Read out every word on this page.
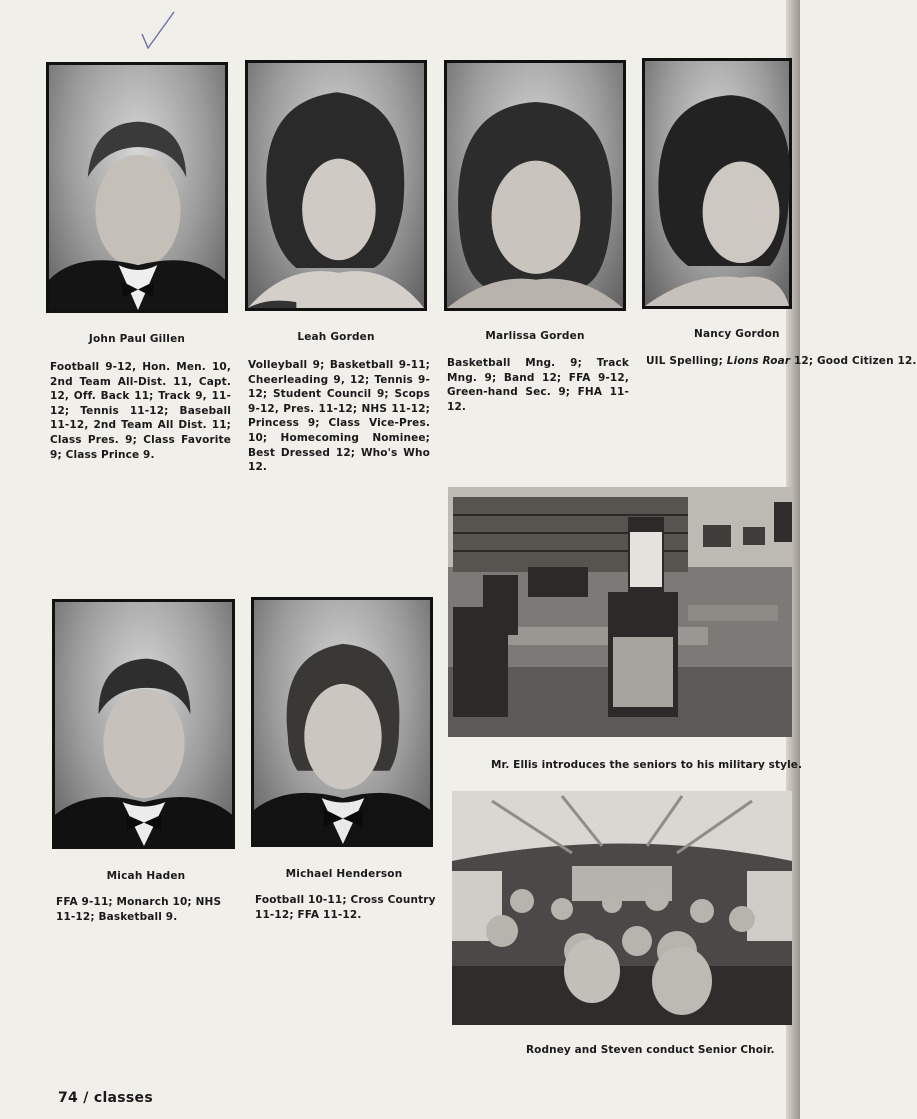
John Paul Gillen	Leah Gorden	Marlissa Gorden	Nancy Gordon
Football 9-12, Hon. Men. 10, 2nd Team All-Dist. 11, Capt. 12, Off. Back 11; Track 9, 11-12; Tennis 11-12; Baseball 11-12, 2nd Team All Dist. 11; Class Pres. 9; Class Favorite 9; Class Prince 9.
Volleyball 9; Basketball 9-11; Cheerleading 9, 12; Tennis 9-12; Student Council 9; Scops 9-12, Pres. 11-12; NHS 11-12; Princess 9; Class Vice-Pres. 10; Homecoming Nominee; Best Dressed 12; Who's Who 12.
Basketball Mng. 9; Track Mng. 9; Band 12; FFA 9-12, Green-hand Sec. 9; FHA 11-12.
UIL Spelling; Lions Roar 12; Good Citizen 12.
Mr. Ellis introduces the seniors to his military style.
Rodney and Steven conduct Senior Choir.
Micah Haden	Michael Henderson
FFA 9-11; Monarch 10; NHS 11-12; Basketball 9.
Football 10-11; Cross Country 11-12; FFA 11-12.
74 / classes
